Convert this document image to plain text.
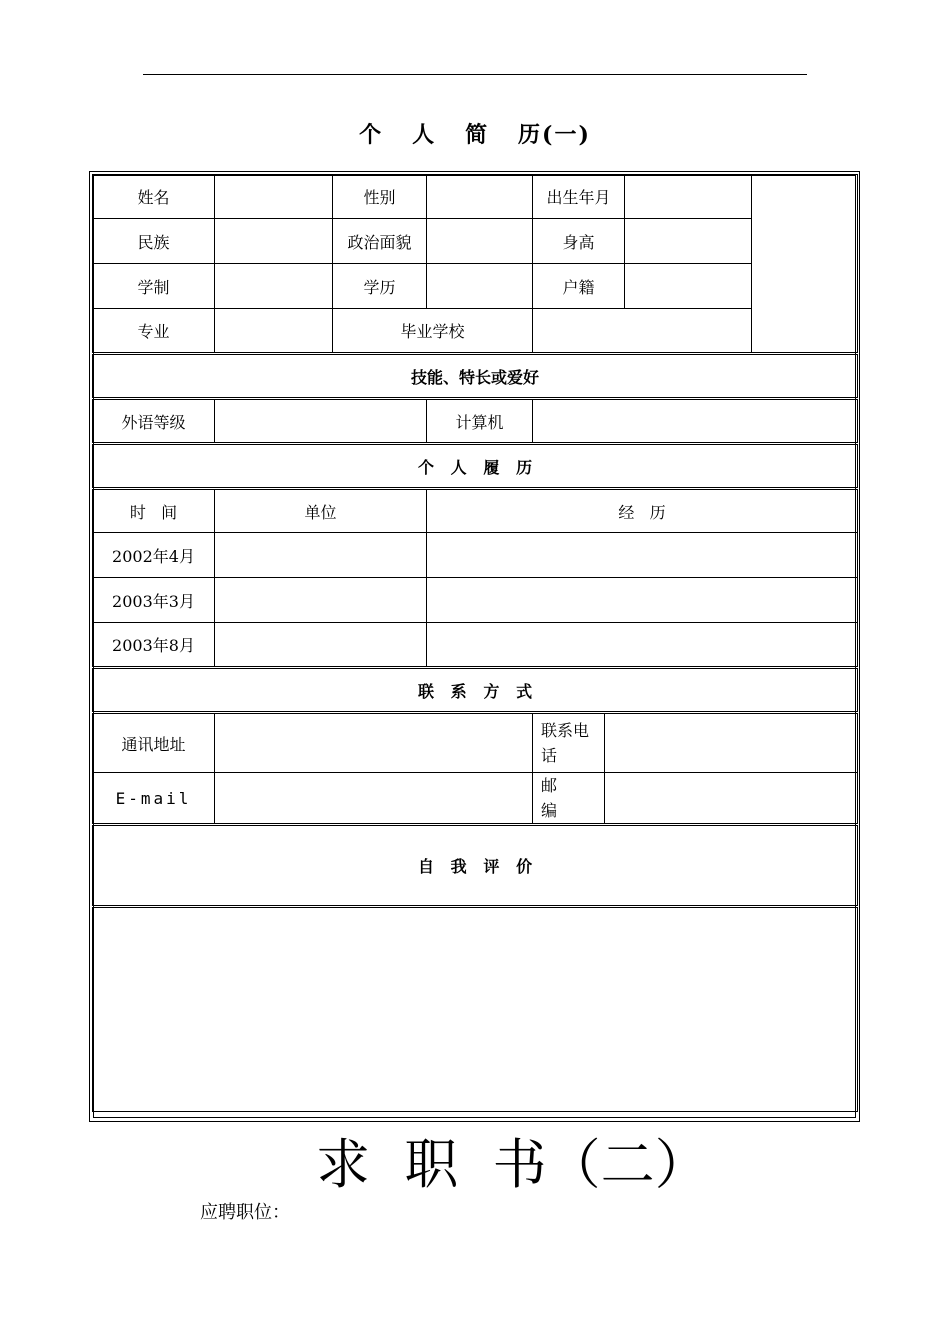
个   人   简   历(一)
姓名		性别		出生年月			
民族		政治面貌		身高			
学制		学历		户籍			
专业		毕业学校					
技能、特长或爱好							
外语等级			计算机				
个   人   履   历							
时   间	单位		经   历				
2002年4月							
2003年3月							
2003年8月							
联   系   方   式							
通讯地址				联系电话			
E-mail				邮编			
自   我   评   价							

求  职  书（二）
应聘职位：
